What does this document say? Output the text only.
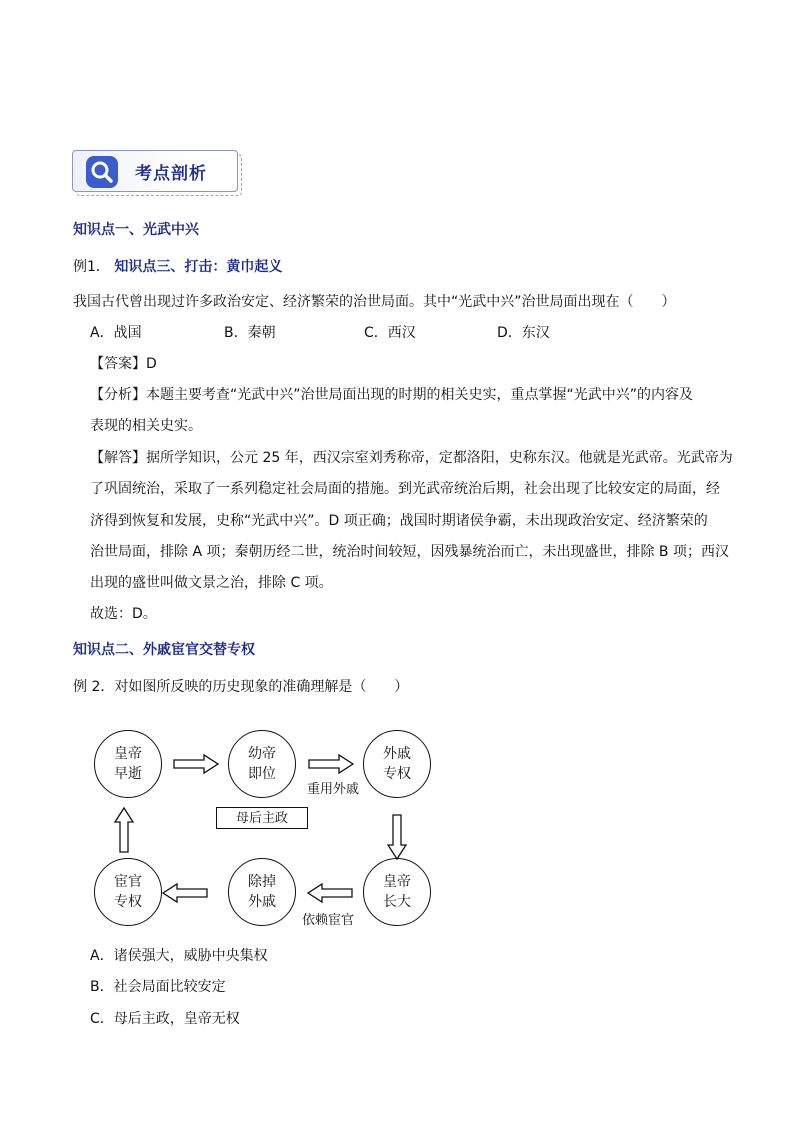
考点剖析
知识点一、光武中兴
例1． 知识点三、打击：黄巾起义
我国古代曾出现过许多政治安定、经济繁荣的治世局面。其中“光武中兴”治世局面出现在（　　）
A．战国	B．秦朝	C．西汉	D．东汉
【答案】D
【分析】本题主要考查“光武中兴”治世局面出现的时期的相关史实，重点掌握“光武中兴”的内容及
表现的相关史实。
【解答】据所学知识，公元 25 年，西汉宗室刘秀称帝，定都洛阳，史称东汉。他就是光武帝。光武帝为
了巩固统治，采取了一系列稳定社会局面的措施。到光武帝统治后期，社会出现了比较安定的局面，经
济得到恢复和发展，史称“光武中兴”。D 项正确；战国时期诸侯争霸，未出现政治安定、经济繁荣的
治世局面，排除 A 项；秦朝历经二世，统治时间较短，因残暴统治而亡，未出现盛世，排除 B 项；西汉
出现的盛世叫做文景之治，排除 C 项。
故选：D。
知识点二、外戚宦官交替专权
例 2．对如图所反映的历史现象的准确理解是（　　）
皇帝
早逝
幼帝
即位
外戚
专权
皇帝
长大
除掉
外戚
宦官
专权
重用外戚
母后主政
依赖宦官
A．诸侯强大，威胁中央集权
B．社会局面比较安定
C．母后主政，皇帝无权
